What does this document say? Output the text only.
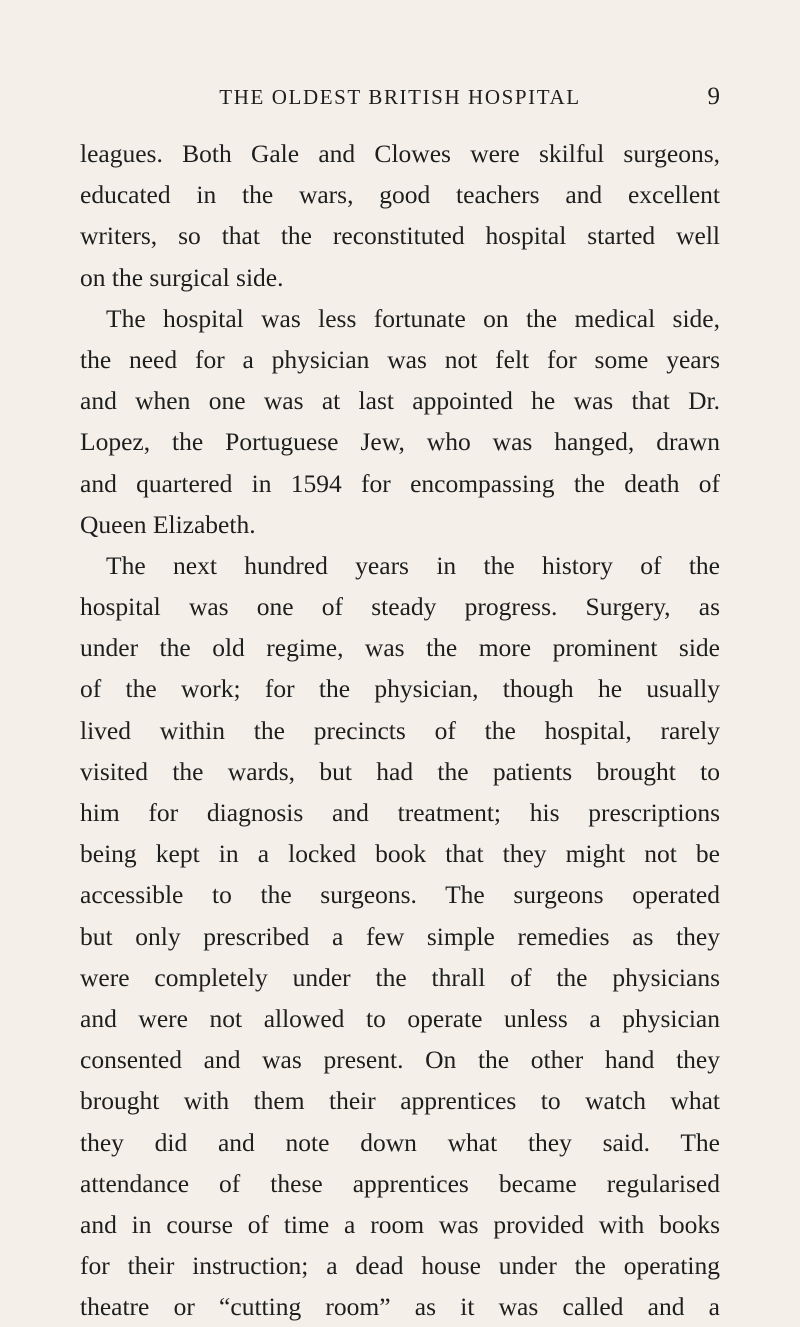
THE OLDEST BRITISH HOSPITAL	9
leagues. Both Gale and Clowes were skilful surgeons,
educated in the wars, good teachers and excellent
writers, so that the reconstituted hospital started well
on the surgical side.
The hospital was less fortunate on the medical side,
the need for a physician was not felt for some years
and when one was at last appointed he was that Dr.
Lopez, the Portuguese Jew, who was hanged, drawn
and quartered in 1594 for encompassing the death of
Queen Elizabeth.
The next hundred years in the history of the
hospital was one of steady progress. Surgery, as
under the old regime, was the more prominent side
of the work; for the physician, though he usually
lived within the precincts of the hospital, rarely
visited the wards, but had the patients brought to
him for diagnosis and treatment; his prescriptions
being kept in a locked book that they might not be
accessible to the surgeons. The surgeons operated
but only prescribed a few simple remedies as they
were completely under the thrall of the physicians
and were not allowed to operate unless a physician
consented and was present. On the other hand they
brought with them their apprentices to watch what
they did and note down what they said. The
attendance of these apprentices became regularised
and in course of time a room was provided with books
for their instruction; a dead house under the operating
theatre or “cutting room” as it was called and a
